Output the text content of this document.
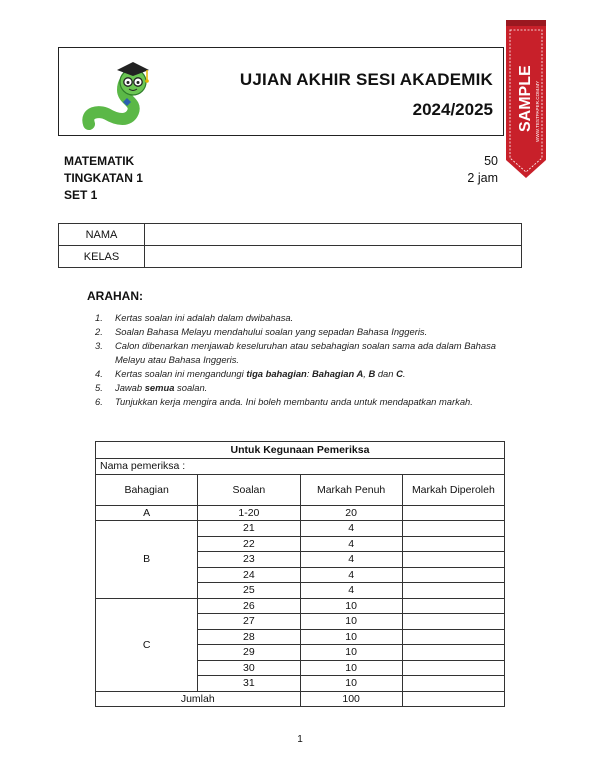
UJIAN AKHIR SESI AKADEMIK
2024/2025 SAMPLE WWW.TESTPAPER.COM.MY
MATEMATIK
TINGKATAN 1
SET 1
50
2 jam
NAMA	
KELAS	
ARAHAN:
1. Kertas soalan ini adalah dalam dwibahasa.
2. Soalan Bahasa Melayu mendahului soalan yang sepadan Bahasa Inggeris.
3. Calon dibenarkan menjawab keseluruhan atau sebahagian soalan sama ada dalam Bahasa Melayu atau Bahasa Inggeris.
4. Kertas soalan ini mengandungi tiga bahagian: Bahagian A, B dan C.
5. Jawab semua soalan.
6. Tunjukkan kerja mengira anda. Ini boleh membantu anda untuk mendapatkan markah.
Untuk Kegunaan Pemeriksa			
Nama pemeriksa :			
Bahagian	Soalan	Markah Penuh	Markah Diperoleh
A	1-20	20	
B	21	4	
	22	4	
	23	4	
	24	4	
	25	4	
C	26	10	
	27	10	
	28	10	
	29	10	
	30	10	
	31	10	
Jumlah		100	
1
